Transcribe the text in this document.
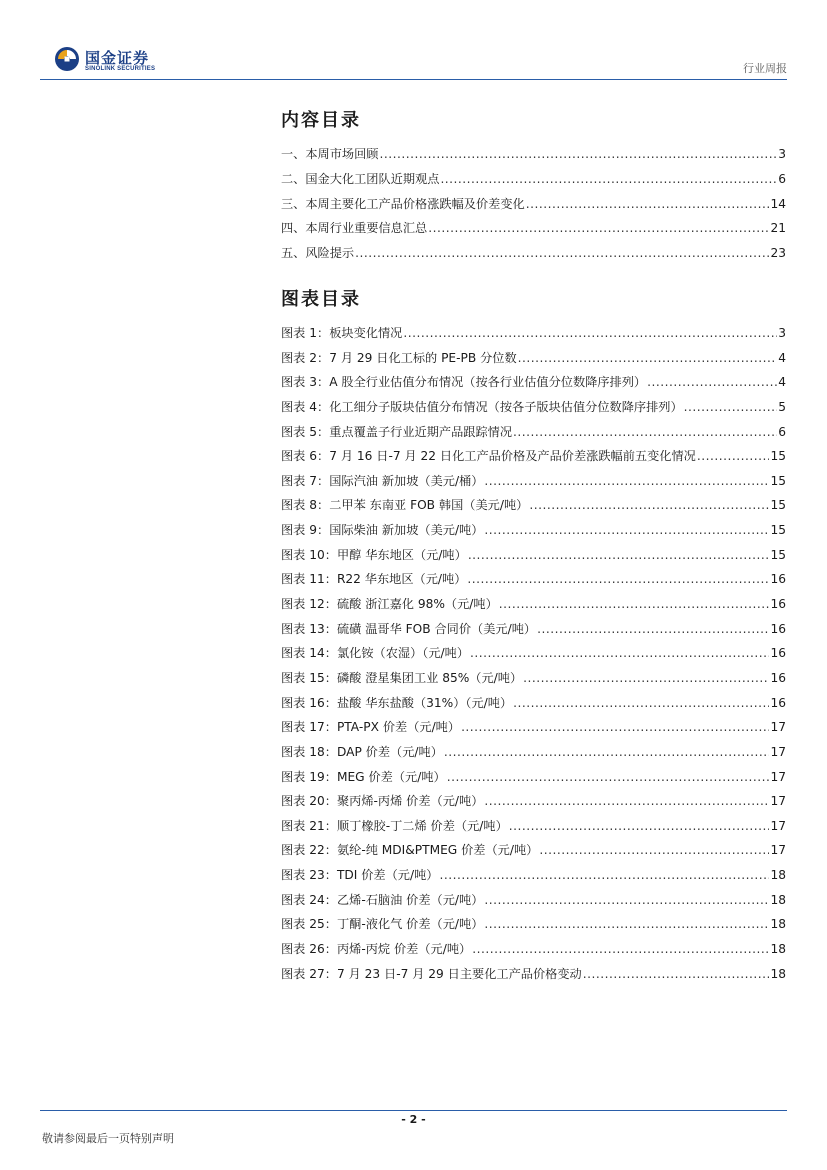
国金证券
SINOLINK SECURITIES	行业周报
内容目录
一、本周市场回顾 .....	3
二、国金大化工团队近期观点 .....	6
三、本周主要化工产品价格涨跌幅及价差变化 .....	14
四、本周行业重要信息汇总 .....	21
五、风险提示 .....	23
图表目录
图表 1：板块变化情况 .....	3
图表 2：7 月 29 日化工标的 PE-PB 分位数 .....	4
图表 3：A 股全行业估值分布情况（按各行业估值分位数降序排列） .....	4
图表 4：化工细分子版块估值分布情况（按各子版块估值分位数降序排列） .....	5
图表 5：重点覆盖子行业近期产品跟踪情况 .....	6
图表 6：7 月 16 日-7 月 22 日化工产品价格及产品价差涨跌幅前五变化情况 .....	15
图表 7：国际汽油 新加坡（美元/桶） .....	15
图表 8：二甲苯 东南亚 FOB 韩国（美元/吨） .....	15
图表 9：国际柴油 新加坡（美元/吨） .....	15
图表 10：甲醇 华东地区（元/吨） .....	15
图表 11：R22 华东地区（元/吨） .....	16
图表 12：硫酸 浙江嘉化 98%（元/吨） .....	16
图表 13：硫磺 温哥华 FOB 合同价（美元/吨） .....	16
图表 14：氯化铵（农湿）（元/吨） .....	16
图表 15：磷酸 澄星集团工业 85%（元/吨） .....	16
图表 16：盐酸 华东盐酸（31%）（元/吨） .....	16
图表 17：PTA-PX 价差（元/吨） .....	17
图表 18：DAP 价差（元/吨） .....	17
图表 19：MEG 价差（元/吨） .....	17
图表 20：聚丙烯-丙烯 价差（元/吨） .....	17
图表 21：顺丁橡胶-丁二烯 价差（元/吨） .....	17
图表 22：氨纶-纯 MDI&PTMEG 价差（元/吨） .....	17
图表 23：TDI 价差（元/吨） .....	18
图表 24：乙烯-石脑油 价差（元/吨） .....	18
图表 25：丁酮-液化气 价差（元/吨） .....	18
图表 26：丙烯-丙烷 价差（元/吨） .....	18
图表 27：7 月 23 日-7 月 29 日主要化工产品价格变动 .....	18
- 2 -
敬请参阅最后一页特别声明
